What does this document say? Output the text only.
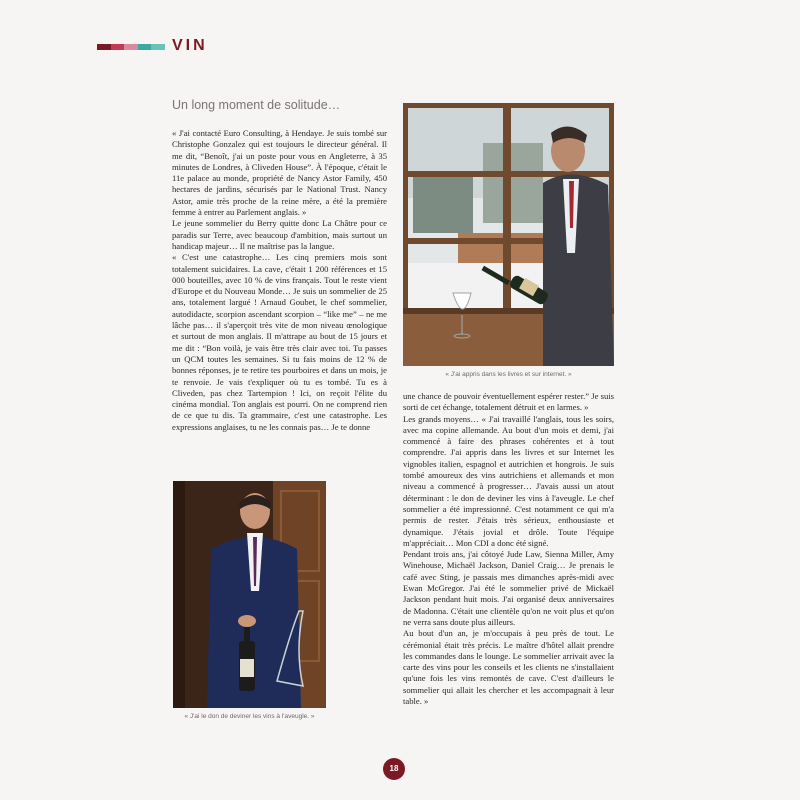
VIN
Un long moment de solitude…

« J'ai contacté Euro Consulting, à Hendaye. Je suis tombé sur Christophe Gonzalez qui est toujours le directeur général. Il me dit, “Benoît, j'ai un poste pour vous en Angleterre, à 35 minutes de Londres, à Cliveden House”. À l'époque, c'était le 11e palace au monde, propriété de Nancy Astor Family, 450 hectares de jardins, sécurisés par le National Trust. Nancy Astor, amie très proche de la reine mère, a été la première femme à entrer au Parlement anglais. »

Le jeune sommelier du Berry quitte donc La Châtre pour ce paradis sur Terre, avec beaucoup d'ambition, mais surtout un handicap majeur… Il ne maîtrise pas la langue.

« C'est une catastrophe… Les cinq premiers mois sont totalement suicidaires. La cave, c'était 1 200 références et 15 000 bouteilles, avec 10 % de vins français. Tout le reste vient d'Europe et du Nouveau Monde… Je suis un sommelier de 25 ans, totalement largué ! Arnaud Goubet, le chef sommelier, autodidacte, scorpion ascendant scorpion – “like me” – ne me lâche pas… il s'aperçoit très vite de mon niveau œnologique et surtout de mon anglais. Il m'attrape au bout de 15 jours et me dit : “Bon voilà, je vais être très clair avec toi. Tu passes un QCM toutes les semaines. Si tu fais moins de 12 % de bonnes réponses, je te retire tes pourboires et dans un mois, je te renvoie. Je vais t'expliquer où tu es tombé. Tu es à Cliveden, pas chez Tartempion ! Ici, on reçoit l'élite du cinéma mondial. Ton anglais est pourri. On ne comprend rien de ce que tu dis. Ta grammaire, c'est une catastrophe. Les expressions anglaises, tu ne les connais pas… Je te donne

« J'ai appris dans les livres et sur internet. »

une chance de pouvoir éventuellement espérer rester.” Je suis sorti de cet échange, totalement détruit et en larmes. »

Les grands moyens… « J'ai travaillé l'anglais, tous les soirs, avec ma copine allemande. Au bout d'un mois et demi, j'ai commencé à faire des phrases cohérentes et à tout comprendre. J'ai appris dans les livres et sur Internet les vignobles italien, espagnol et autrichien et hongrois. Je suis tombé amoureux des vins autrichiens et allemands et mon niveau a commencé à progresser… J'avais aussi un atout déterminant : le don de deviner les vins à l'aveugle. Le chef sommelier a été impressionné. C'est notamment ce qui m'a permis de rester. J'étais très sérieux, enthousiaste et dynamique. J'étais jovial et drôle. Toute l'équipe m'appréciait… Mon CDI a donc été signé.

Pendant trois ans, j'ai côtoyé Jude Law, Sienna Miller, Amy Winehouse, Michaël Jackson, Daniel Craig… Je prenais le café avec Sting, je passais mes dimanches après-midi avec Ewan McGregor. J'ai été le sommelier privé de Mickaël Jackson pendant huit mois. J'ai organisé deux anniversaires de Madonna. C'était une clientèle qu'on ne voit plus et qu'on ne verra sans doute plus ailleurs.

Au bout d'un an, je m'occupais à peu près de tout. Le cérémonial était très précis. Le maître d'hôtel allait prendre les commandes dans le lounge. Le sommelier arrivait avec la carte des vins pour les conseils et les clients ne s'installaient qu'une fois les vins remontés de cave. C'est d'ailleurs le sommelier qui allait les chercher et les accompagnait à leur table. »

« J'ai le don de deviner les vins à l'aveugle. »
18
